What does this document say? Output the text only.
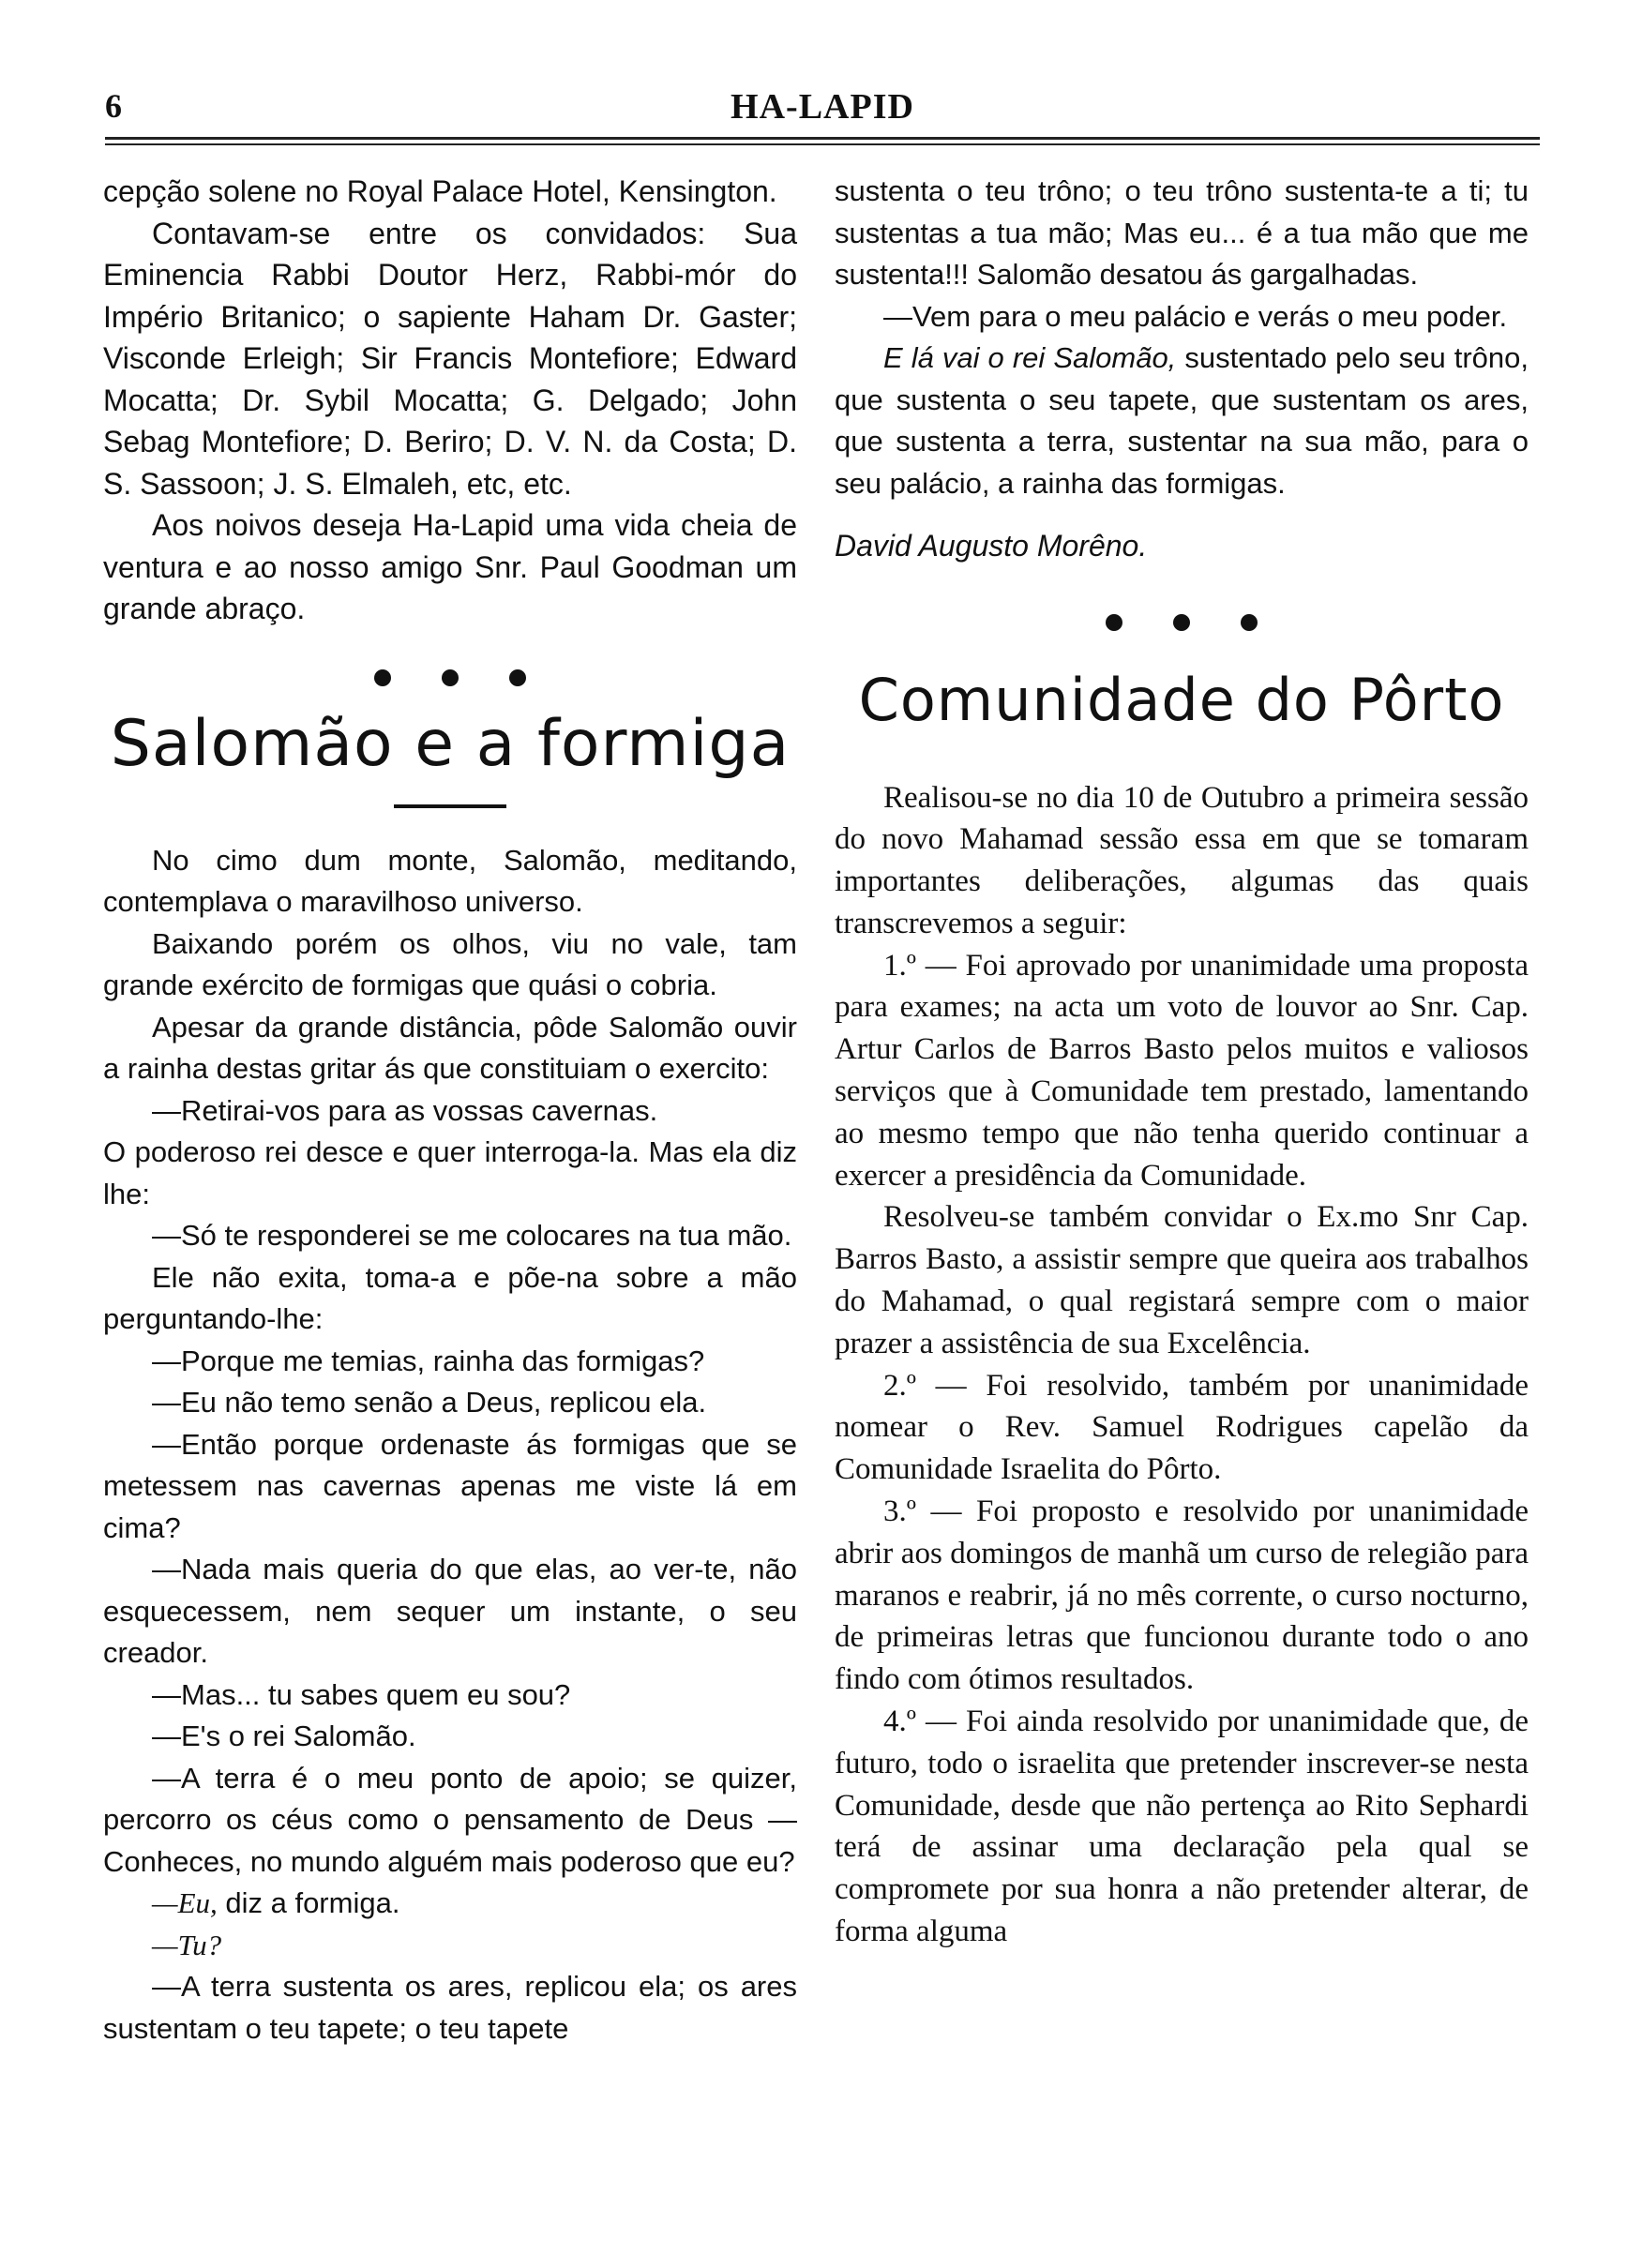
6	HA-LAPID

cepção solene no Royal Palace Hotel, Kensington.

Contavam-se entre os convidados: Sua Eminencia Rabbi Doutor Herz, Rabbi-mór do Império Britanico; o sapiente Haham Dr. Gaster; Visconde Erleigh; Sir Francis Montefiore; Edward Mocatta; Dr. Sybil Mocatta; G. Delgado; John Sebag Montefiore; D. Beriro; D. V. N. da Costa; D. S. Sassoon; J. S. Elmaleh, etc, etc.

Aos noivos deseja Ha-Lapid uma vida cheia de ventura e ao nosso amigo Snr. Paul Goodman um grande abraço.

Salomão e a formiga

No cimo dum monte, Salomão, meditando, contemplava o maravilhoso universo.

Baixando porém os olhos, viu no vale, tam grande exército de formigas que quási o cobria.

Apesar da grande distância, pôde Salomão ouvir a rainha destas gritar ás que constituiam o exercito:

—Retirai-vos para as vossas cavernas.

O poderoso rei desce e quer interroga-la. Mas ela diz lhe:

—Só te responderei se me colocares na tua mão.

Ele não exita, toma-a e põe-na sobre a mão perguntando-lhe:

—Porque me temias, rainha das formigas?

—Eu não temo senão a Deus, replicou ela.

—Então porque ordenaste ás formigas que se metessem nas cavernas apenas me viste lá em cima?

—Nada mais queria do que elas, ao ver-te, não esquecessem, nem sequer um instante, o seu creador.

—Mas... tu sabes quem eu sou?

—E's o rei Salomão.

—A terra é o meu ponto de apoio; se quizer, percorro os céus como o pensamento de Deus — Conheces, no mundo alguém mais poderoso que eu?

—Eu, diz a formiga.

—Tu?

—A terra sustenta os ares, replicou ela; os ares sustentam o teu tapete; o teu tapete

sustenta o teu trôno; o teu trôno sustenta-te a ti; tu sustentas a tua mão; Mas eu... é a tua mão que me sustenta!!! Salomão desatou ás gargalhadas.

—Vem para o meu palácio e verás o meu poder.

E lá vai o rei Salomão, sustentado pelo seu trôno, que sustenta o seu tapete, que sustentam os ares, que sustenta a terra, sustentar na sua mão, para o seu palácio, a rainha das formigas.

David Augusto Morêno.

Comunidade do Pôrto

Realisou-se no dia 10 de Outubro a primeira sessão do novo Mahamad sessão essa em que se tomaram importantes deliberações, algumas das quais transcrevemos a seguir:

1.º — Foi aprovado por unanimidade uma proposta para exames; na acta um voto de louvor ao Snr. Cap. Artur Carlos de Barros Basto pelos muitos e valiosos serviços que à Comunidade tem prestado, lamentando ao mesmo tempo que não tenha querido continuar a exercer a presidência da Comunidade.

Resolveu-se também convidar o Ex.mo Snr Cap. Barros Basto, a assistir sempre que queira aos trabalhos do Mahamad, o qual registará sempre com o maior prazer a assistência de sua Excelência.

2.º — Foi resolvido, também por unanimidade nomear o Rev. Samuel Rodrigues capelão da Comunidade Israelita do Pôrto.

3.º — Foi proposto e resolvido por unanimidade abrir aos domingos de manhã um curso de relegião para maranos e reabrir, já no mês corrente, o curso nocturno, de primeiras letras que funcionou durante todo o ano findo com ótimos resultados.

4.º — Foi ainda resolvido por unanimidade que, de futuro, todo o israelita que pretender inscrever-se nesta Comunidade, desde que não pertença ao Rito Sephardi terá de assinar uma declaração pela qual se compromete por sua honra a não pretender alterar, de forma alguma
